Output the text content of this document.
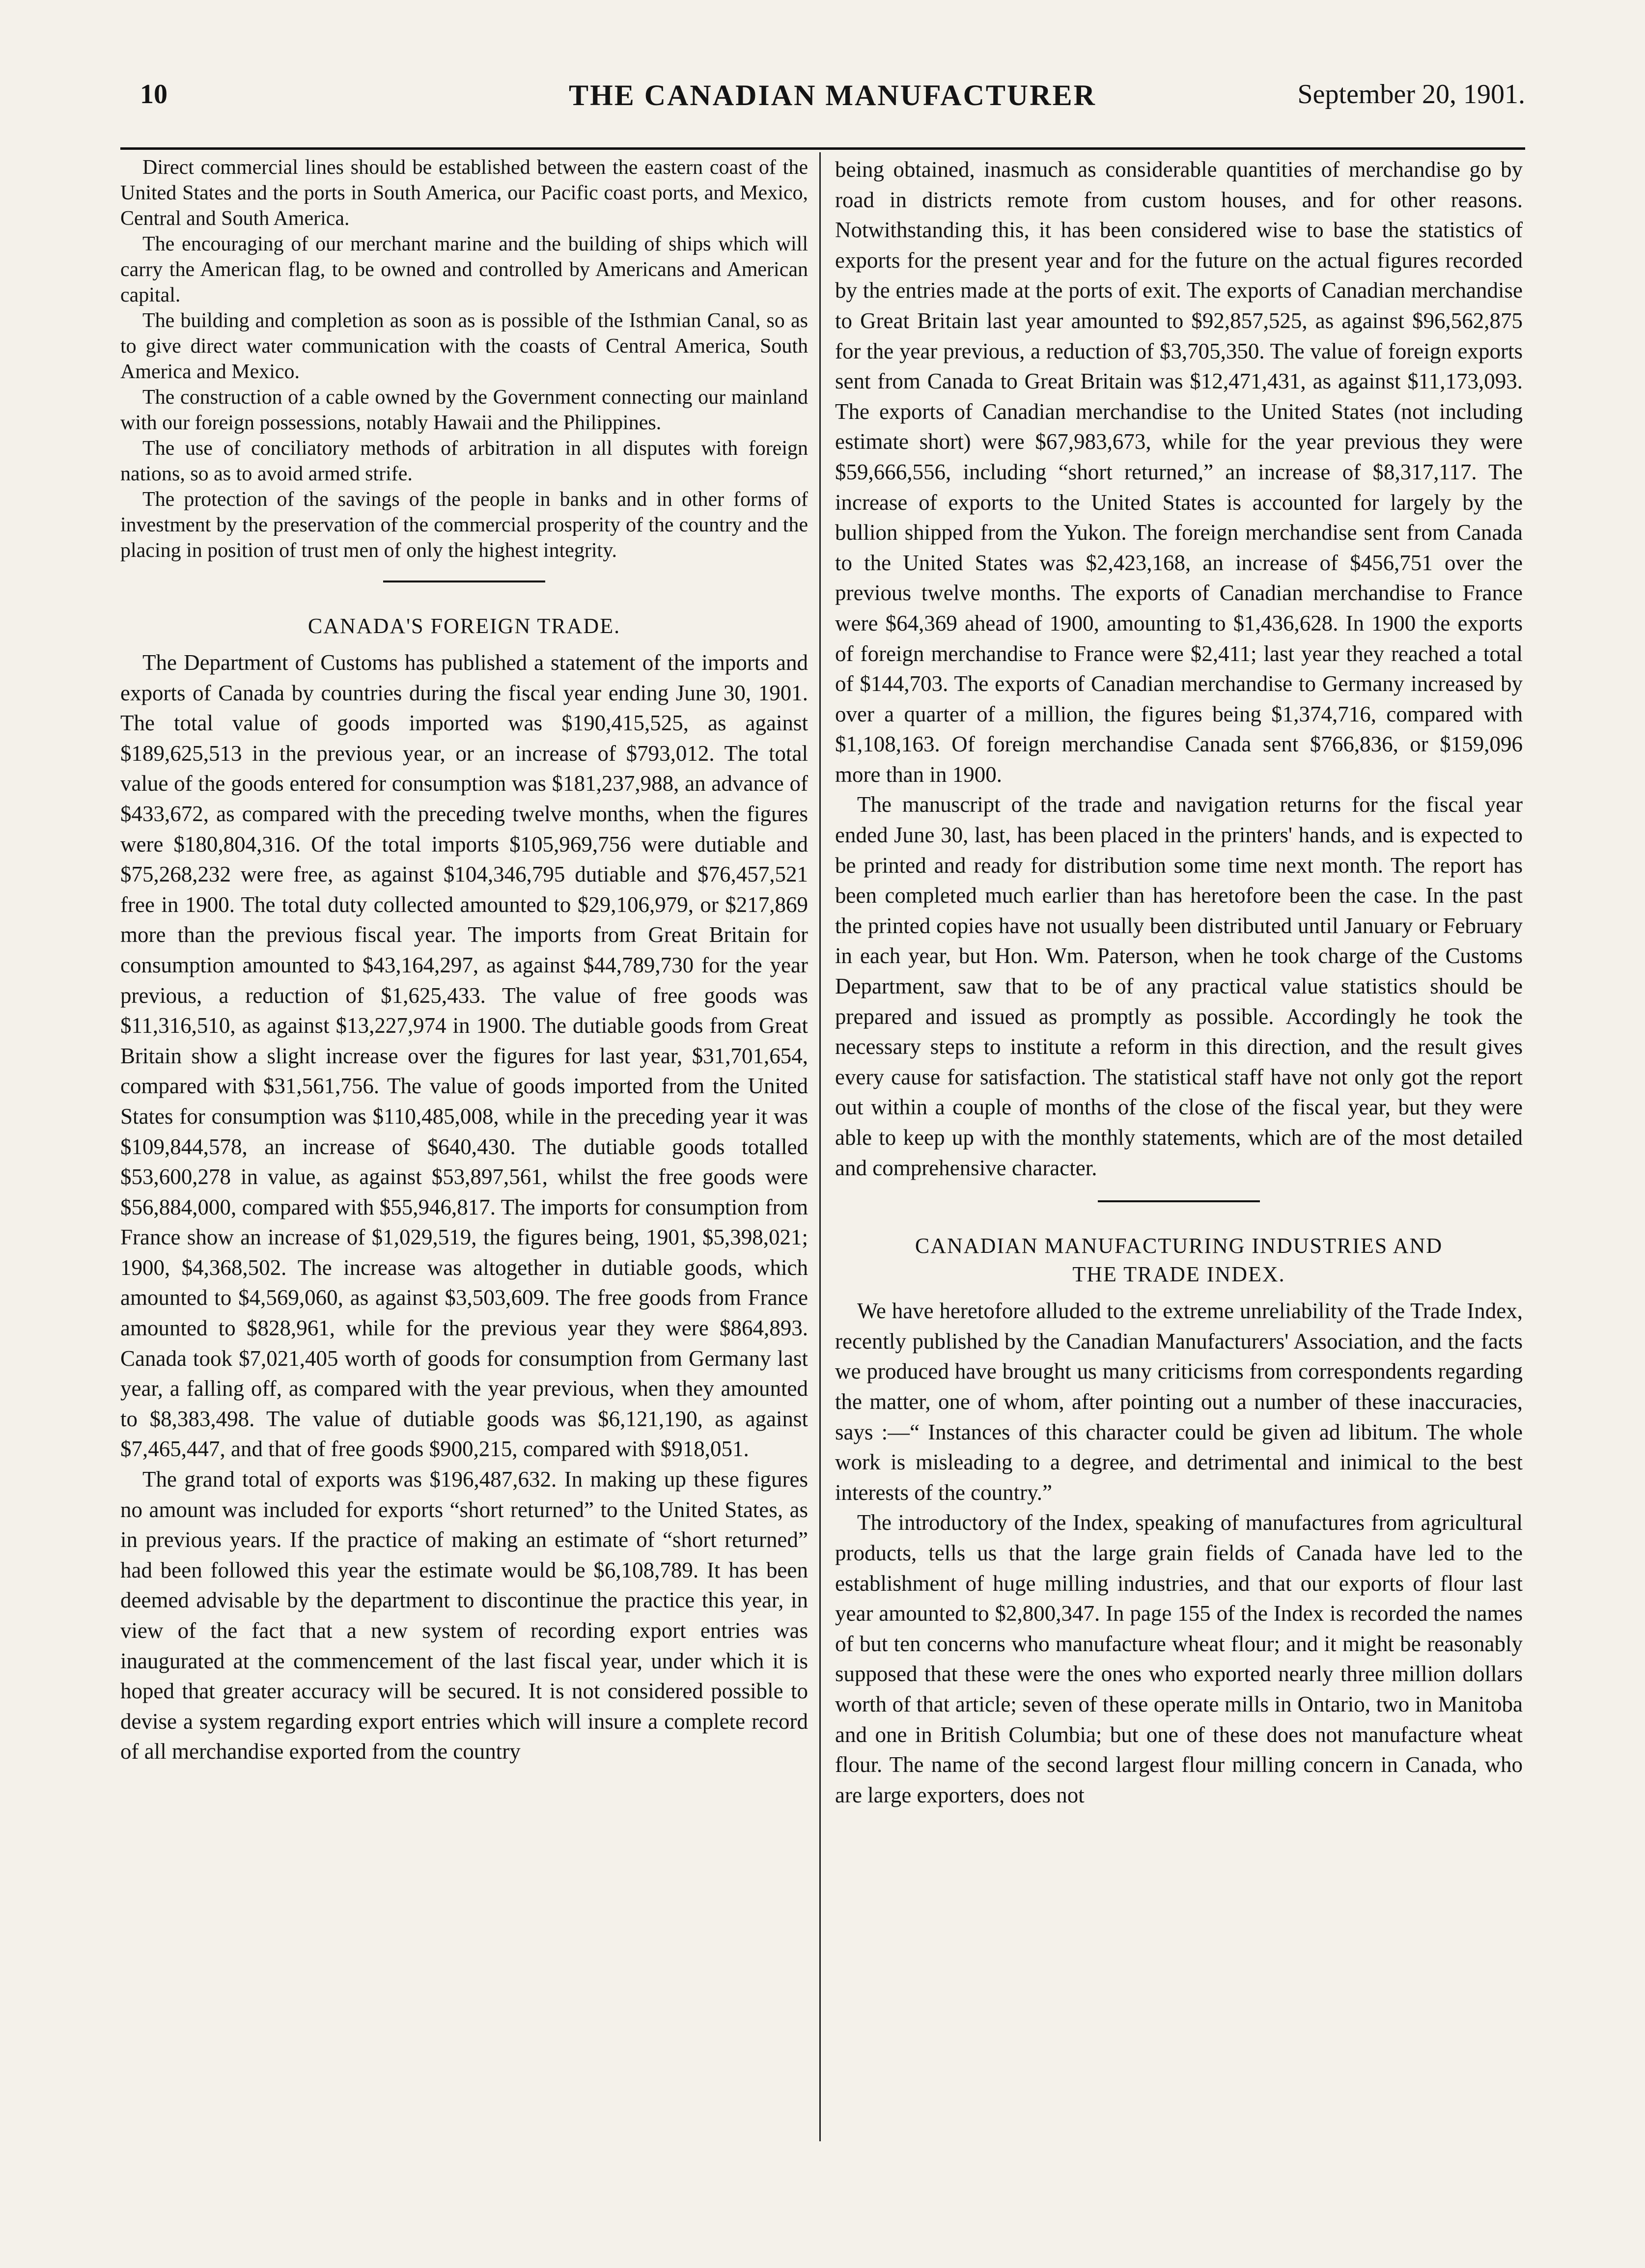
10	THE CANADIAN MANUFACTURER	September 20, 1901.

Direct commercial lines should be established between the eastern coast of the United States and the ports in South America, our Pacific coast ports, and Mexico, Central and South America.

The encouraging of our merchant marine and the building of ships which will carry the American flag, to be owned and controlled by Americans and American capital.

The building and completion as soon as is possible of the Isthmian Canal, so as to give direct water communication with the coasts of Central America, South America and Mexico.

The construction of a cable owned by the Government connecting our mainland with our foreign possessions, notably Hawaii and the Philippines.

The use of conciliatory methods of arbitration in all disputes with foreign nations, so as to avoid armed strife.

The protection of the savings of the people in banks and in other forms of investment by the preservation of the commercial prosperity of the country and the placing in position of trust men of only the highest integrity.

CANADA'S FOREIGN TRADE.

The Department of Customs has published a statement of the imports and exports of Canada by countries during the fiscal year ending June 30, 1901. The total value of goods imported was $190,415,525, as against $189,625,513 in the previous year, or an increase of $793,012. The total value of the goods entered for consumption was $181,237,988, an advance of $433,672, as compared with the preceding twelve months, when the figures were $180,804,316. Of the total imports $105,969,756 were dutiable and $75,268,232 were free, as against $104,346,795 dutiable and $76,457,521 free in 1900. The total duty collected amounted to $29,106,979, or $217,869 more than the previous fiscal year. The imports from Great Britain for consumption amounted to $43,164,297, as against $44,789,730 for the year previous, a reduction of $1,625,433. The value of free goods was $11,316,510, as against $13,227,974 in 1900. The dutiable goods from Great Britain show a slight increase over the figures for last year, $31,701,654, compared with $31,561,756. The value of goods imported from the United States for consumption was $110,485,008, while in the preceding year it was $109,844,578, an increase of $640,430. The dutiable goods totalled $53,600,278 in value, as against $53,897,561, whilst the free goods were $56,884,000, compared with $55,946,817. The imports for consumption from France show an increase of $1,029,519, the figures being, 1901, $5,398,021; 1900, $4,368,502. The increase was altogether in dutiable goods, which amounted to $4,569,060, as against $3,503,609. The free goods from France amounted to $828,961, while for the previous year they were $864,893. Canada took $7,021,405 worth of goods for consumption from Germany last year, a falling off, as compared with the year previous, when they amounted to $8,383,498. The value of dutiable goods was $6,121,190, as against $7,465,447, and that of free goods $900,215, compared with $918,051.

The grand total of exports was $196,487,632. In making up these figures no amount was included for exports “short returned” to the United States, as in previous years. If the practice of making an estimate of “short returned” had been followed this year the estimate would be $6,108,789. It has been deemed advisable by the department to discontinue the practice this year, in view of the fact that a new system of recording export entries was inaugurated at the commencement of the last fiscal year, under which it is hoped that greater accuracy will be secured. It is not considered possible to devise a system regarding export entries which will insure a complete record of all merchandise exported from the country

being obtained, inasmuch as considerable quantities of merchandise go by road in districts remote from custom houses, and for other reasons. Notwithstanding this, it has been considered wise to base the statistics of exports for the present year and for the future on the actual figures recorded by the entries made at the ports of exit. The exports of Canadian merchandise to Great Britain last year amounted to $92,857,525, as against $96,562,875 for the year previous, a reduction of $3,705,350. The value of foreign exports sent from Canada to Great Britain was $12,471,431, as against $11,173,093. The exports of Canadian merchandise to the United States (not including estimate short) were $67,983,673, while for the year previous they were $59,666,556, including “short returned,” an increase of $8,317,117. The increase of exports to the United States is accounted for largely by the bullion shipped from the Yukon. The foreign merchandise sent from Canada to the United States was $2,423,168, an increase of $456,751 over the previous twelve months. The exports of Canadian merchandise to France were $64,369 ahead of 1900, amounting to $1,436,628. In 1900 the exports of foreign merchandise to France were $2,411; last year they reached a total of $144,703. The exports of Canadian merchandise to Germany increased by over a quarter of a million, the figures being $1,374,716, compared with $1,108,163. Of foreign merchandise Canada sent $766,836, or $159,096 more than in 1900.

The manuscript of the trade and navigation returns for the fiscal year ended June 30, last, has been placed in the printers' hands, and is expected to be printed and ready for distribution some time next month. The report has been completed much earlier than has heretofore been the case. In the past the printed copies have not usually been distributed until January or February in each year, but Hon. Wm. Paterson, when he took charge of the Customs Department, saw that to be of any practical value statistics should be prepared and issued as promptly as possible. Accordingly he took the necessary steps to institute a reform in this direction, and the result gives every cause for satisfaction. The statistical staff have not only got the report out within a couple of months of the close of the fiscal year, but they were able to keep up with the monthly statements, which are of the most detailed and comprehensive character.

CANADIAN MANUFACTURING INDUSTRIES AND
THE TRADE INDEX.

We have heretofore alluded to the extreme unreliability of the Trade Index, recently published by the Canadian Manufacturers' Association, and the facts we produced have brought us many criticisms from correspondents regarding the matter, one of whom, after pointing out a number of these inaccuracies, says :—“ Instances of this character could be given ad libitum. The whole work is misleading to a degree, and detrimental and inimical to the best interests of the country.”

The introductory of the Index, speaking of manufactures from agricultural products, tells us that the large grain fields of Canada have led to the establishment of huge milling industries, and that our exports of flour last year amounted to $2,800,347. In page 155 of the Index is recorded the names of but ten concerns who manufacture wheat flour; and it might be reasonably supposed that these were the ones who exported nearly three million dollars worth of that article; seven of these operate mills in Ontario, two in Manitoba and one in British Columbia; but one of these does not manufacture wheat flour. The name of the second largest flour milling concern in Canada, who are large exporters, does not
